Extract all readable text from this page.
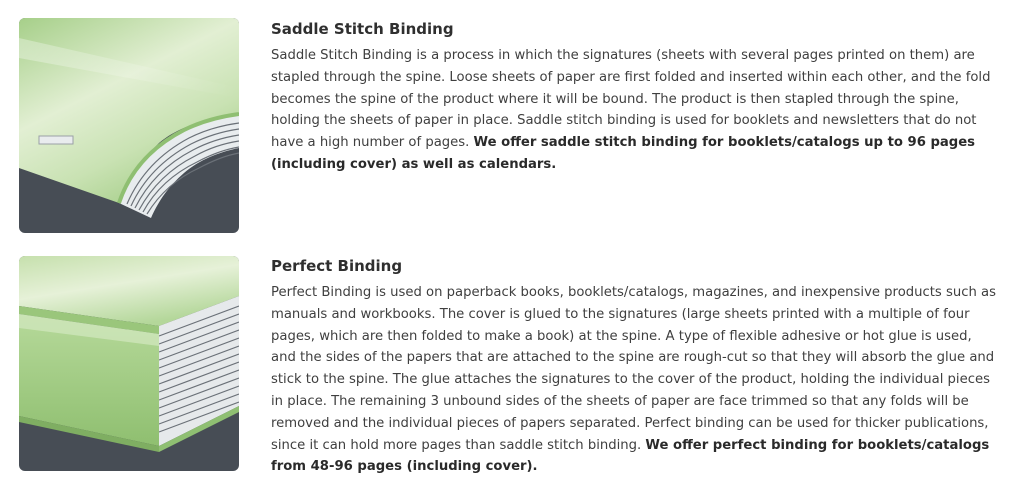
Saddle Stitch Binding

Saddle Stitch Binding is a process in which the signatures (sheets with several pages printed on them) are stapled through the spine. Loose sheets of paper are first folded and inserted within each other, and the fold becomes the spine of the product where it will be bound. The product is then stapled through the spine, holding the sheets of paper in place. Saddle stitch binding is used for booklets and newsletters that do not have a high number of pages. We offer saddle stitch binding for booklets/catalogs up to 96 pages (including cover) as well as calendars.

Perfect Binding

Perfect Binding is used on paperback books, booklets/catalogs, magazines, and inexpensive products such as manuals and workbooks. The cover is glued to the signatures (large sheets printed with a multiple of four pages, which are then folded to make a book) at the spine. A type of flexible adhesive or hot glue is used, and the sides of the papers that are attached to the spine are rough-cut so that they will absorb the glue and stick to the spine. The glue attaches the signatures to the cover of the product, holding the individual pieces in place. The remaining 3 unbound sides of the sheets of paper are face trimmed so that any folds will be removed and the individual pieces of papers separated. Perfect binding can be used for thicker publications, since it can hold more pages than saddle stitch binding. We offer perfect binding for booklets/catalogs from 48-96 pages (including cover).
